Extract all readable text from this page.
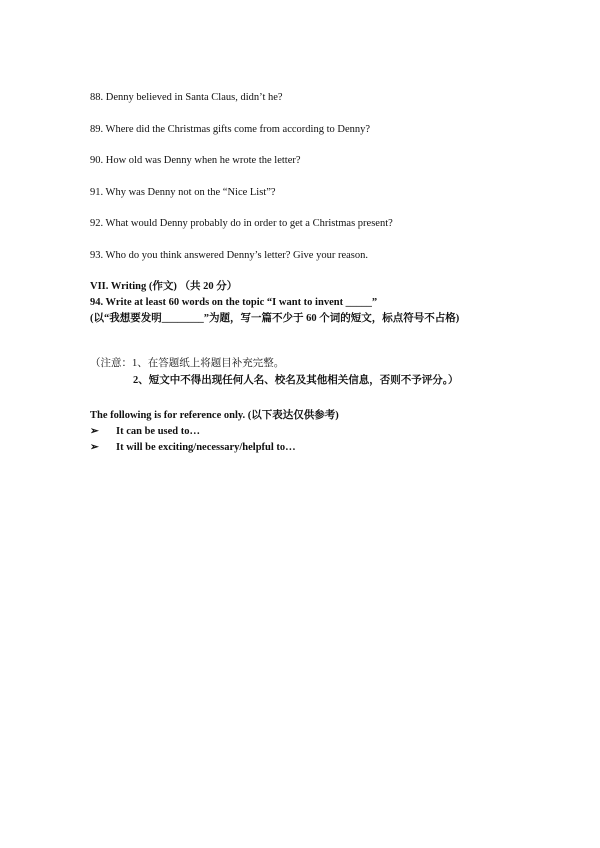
88. Denny believed in Santa Claus, didn’t he?
89. Where did the Christmas gifts come from according to Denny?
90. How old was Denny when he wrote the letter?
91. Why was Denny not on the “Nice List”?
92. What would Denny probably do in order to get a Christmas present?
93. Who do you think answered Denny’s letter? Give your reason.
VII. Writing (作文) （共 20 分）
94. Write at least 60 words on the topic “I want to invent _____”
(以“我想要发明________”为题，写一篇不少于 60 个词的短文，标点符号不占格)
（注意：1、在答题纸上将题目补充完整。
2、短文中不得出现任何人名、校名及其他相关信息，否则不予评分。）
The following is for reference only. (以下表达仅供参考)
➢ It can be used to…
➢ It will be exciting/necessary/helpful to…
